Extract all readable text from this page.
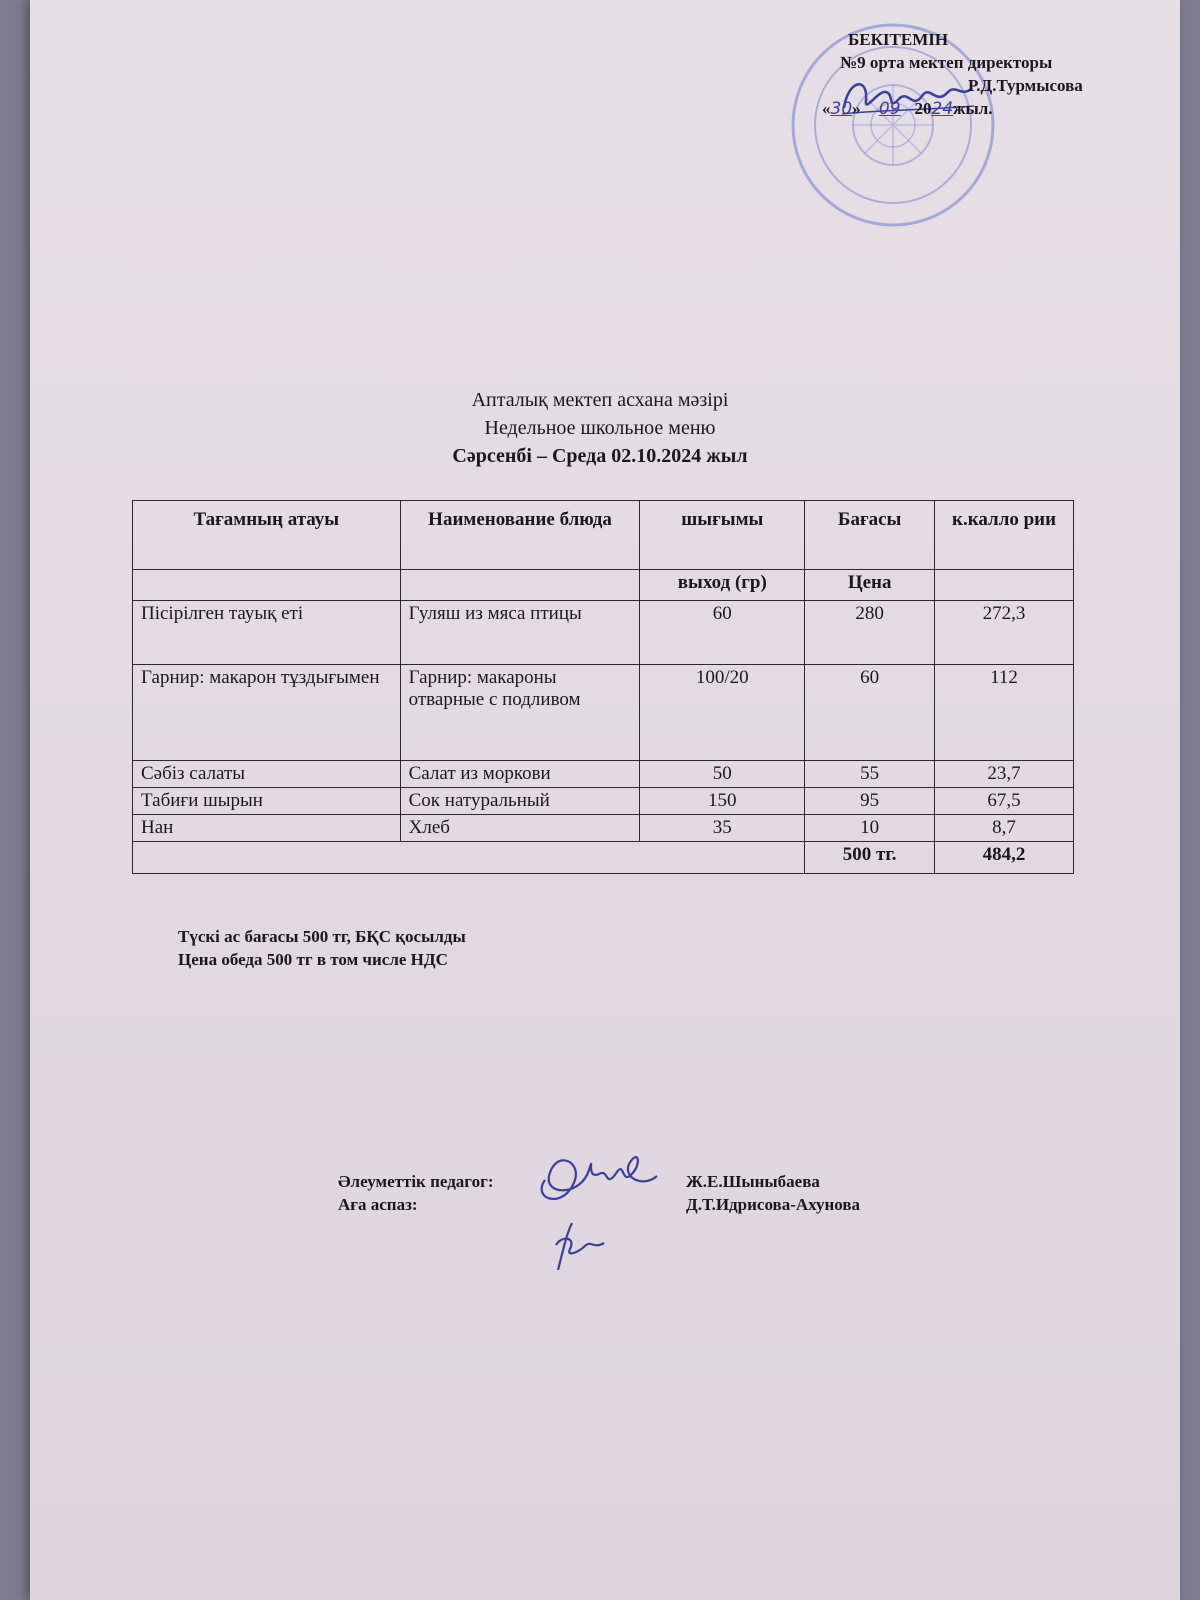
БЕКІТЕМІН
№9 орта мектеп директоры
Р.Д.Турмысова
«30» 09 2024жыл.
Апталық мектеп асхана мәзірі
Недельное школьное меню
Сәрсенбі – Среда 02.10.2024 жыл
Тағамның атауы	Наименование блюда	шығымы	Бағасы	к.калло рии
		выход (гр)	Цена	
Пісірілген тауық еті	Гуляш из мяса птицы	60	280	272,3
Гарнир: макарон тұздығымен	Гарнир: макароны отварные с подливом	100/20	60	112
Сәбіз салаты	Салат из моркови	50	55	23,7
Табиғи шырын	Сок натуральный	150	95	67,5
Нан	Хлеб	35	10	8,7
			500 тг.	484,2
Түскі ас бағасы 500 тг, БҚС қосылды
Цена обеда 500 тг в том числе НДС
Әлеуметтік педагог:	Ж.Е.Шыныбаева
Аға аспаз:	Д.Т.Идрисова-Ахунова
